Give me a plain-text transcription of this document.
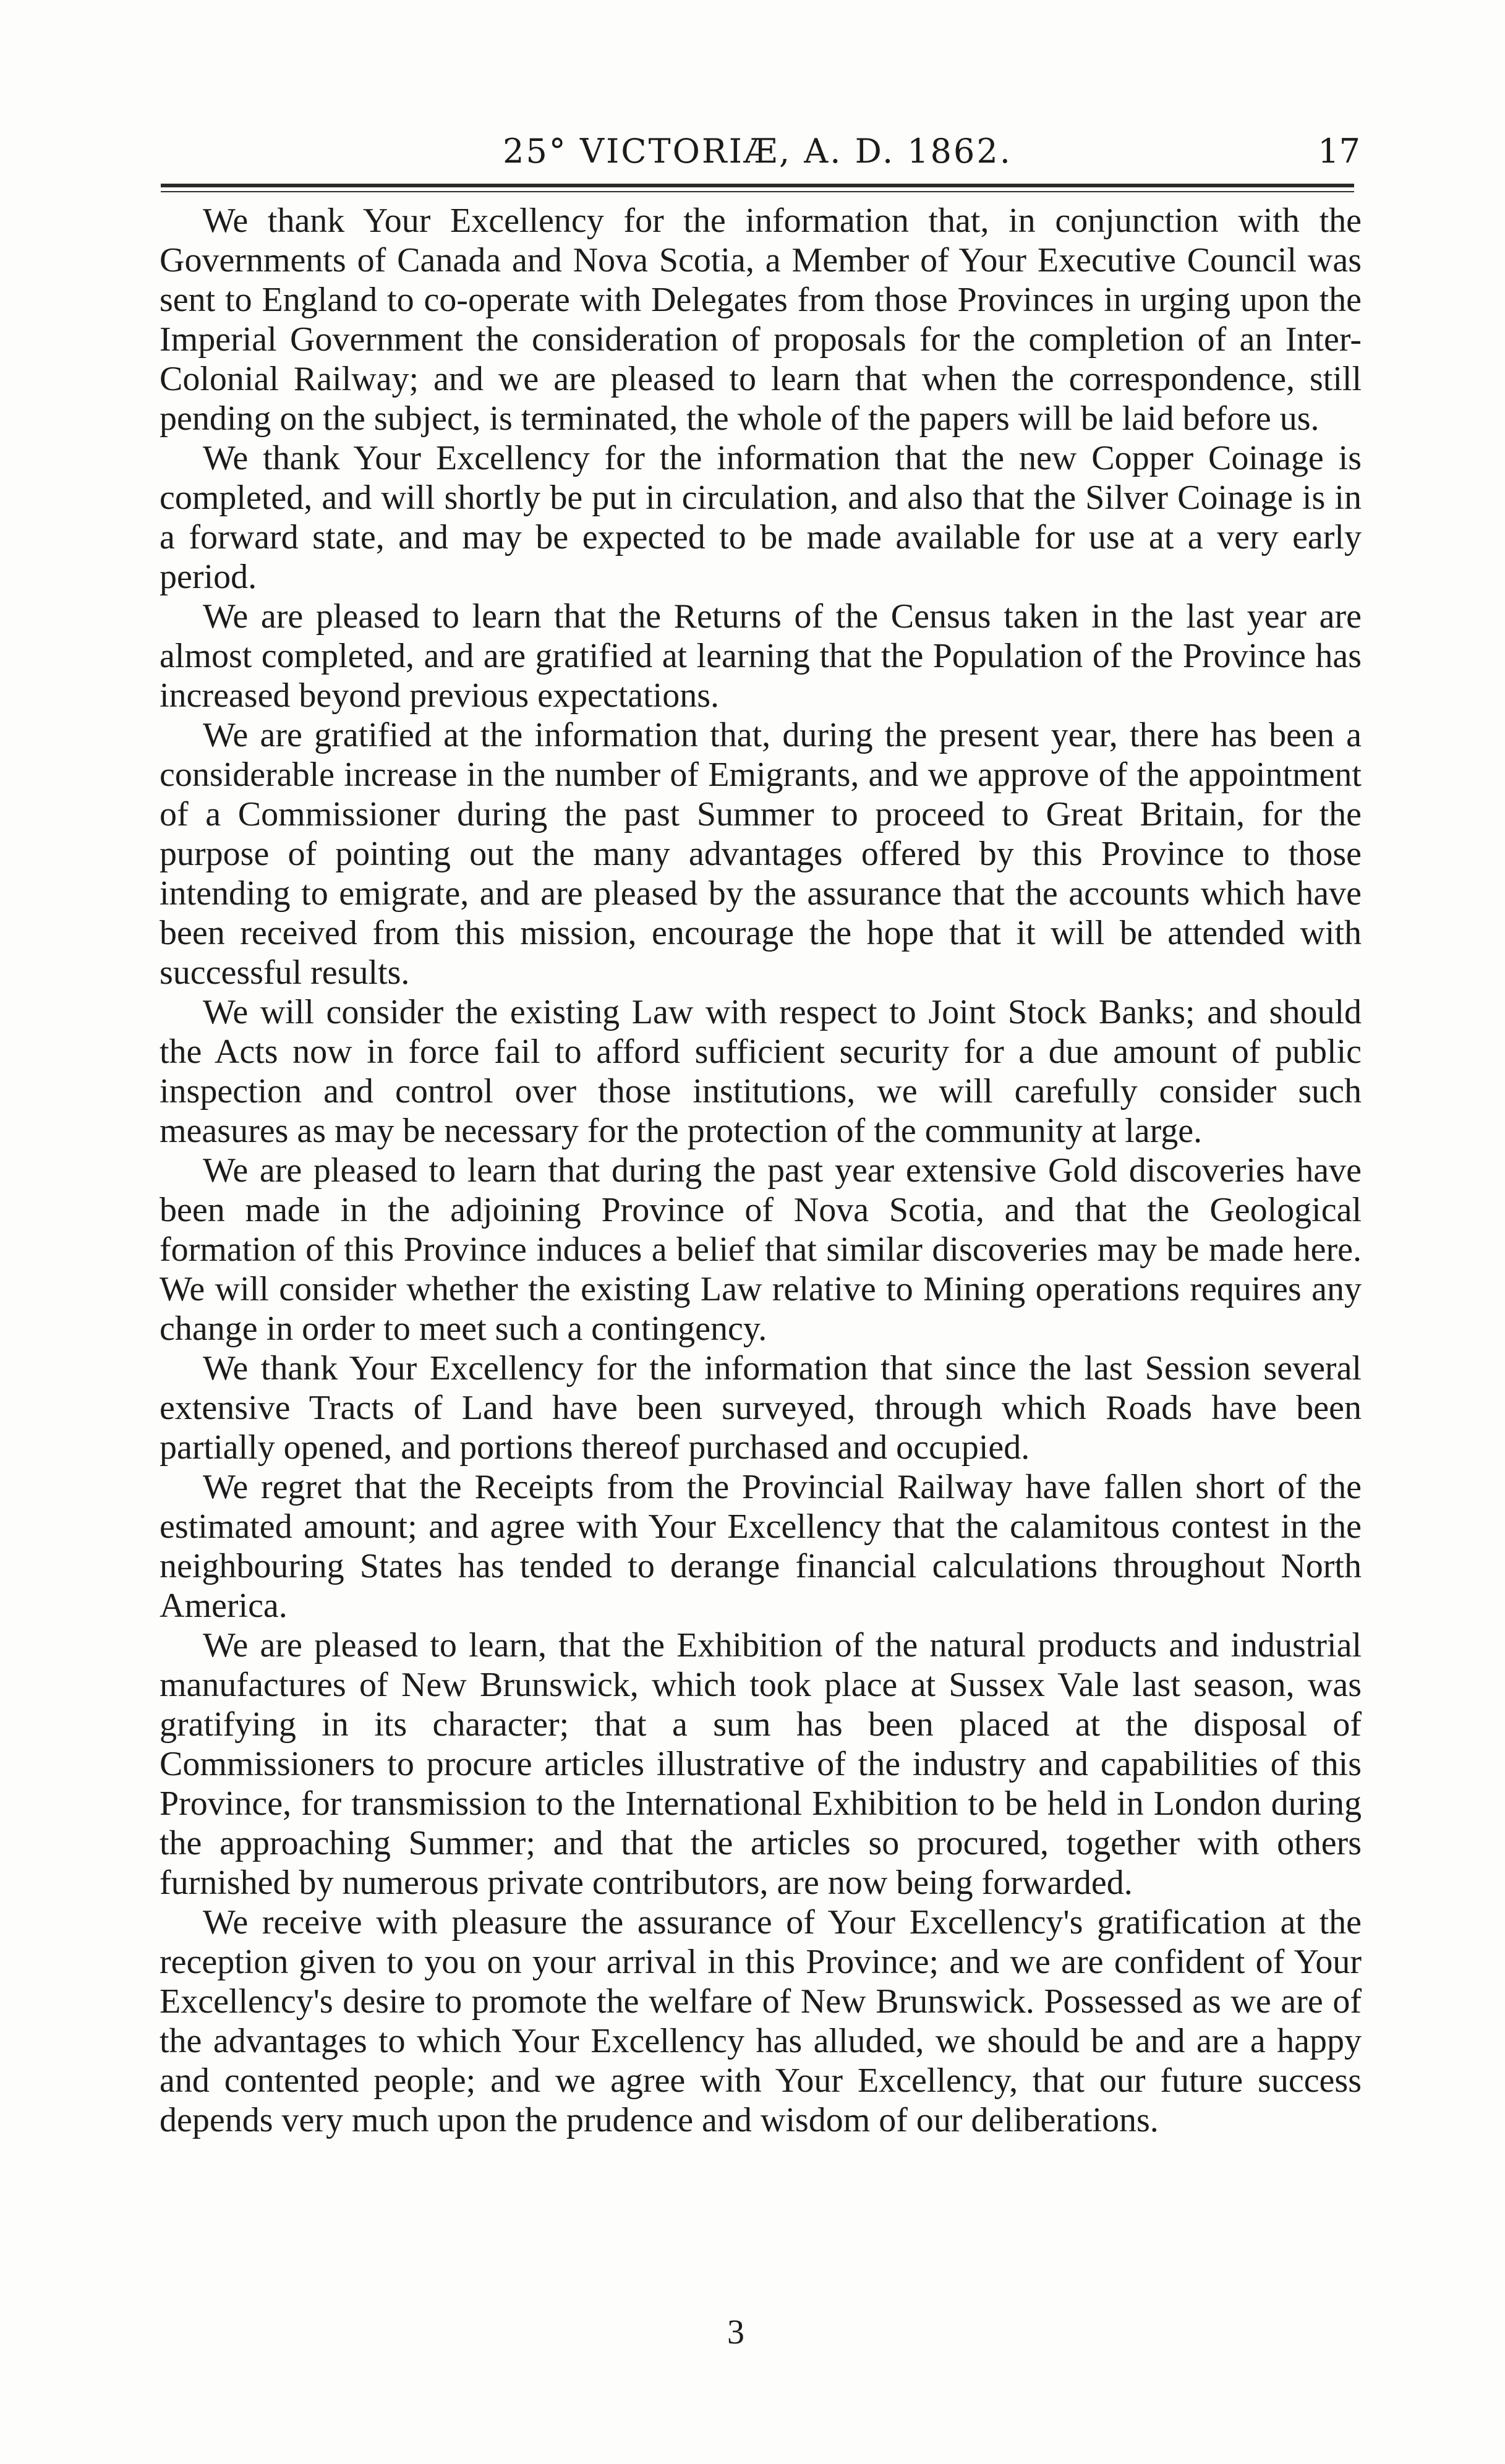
25° VICTORIÆ, A. D. 1862.	17

We thank Your Excellency for the information that, in conjunction with the Governments of Canada and Nova Scotia, a Member of Your Executive Council was sent to England to co-operate with Delegates from those Provinces in urging upon the Imperial Government the consideration of proposals for the completion of an Inter-Colonial Railway; and we are pleased to learn that when the correspondence, still pending on the subject, is terminated, the whole of the papers will be laid before us.

We thank Your Excellency for the information that the new Copper Coinage is completed, and will shortly be put in circulation, and also that the Silver Coinage is in a forward state, and may be expected to be made available for use at a very early period.

We are pleased to learn that the Returns of the Census taken in the last year are almost completed, and are gratified at learning that the Population of the Province has increased beyond previous expectations.

We are gratified at the information that, during the present year, there has been a considerable increase in the number of Emigrants, and we approve of the appointment of a Commissioner during the past Summer to proceed to Great Britain, for the purpose of pointing out the many advantages offered by this Province to those intending to emigrate, and are pleased by the assurance that the accounts which have been received from this mission, encourage the hope that it will be attended with successful results.

We will consider the existing Law with respect to Joint Stock Banks; and should the Acts now in force fail to afford sufficient security for a due amount of public inspection and control over those institutions, we will carefully consider such measures as may be necessary for the protection of the community at large.

We are pleased to learn that during the past year extensive Gold discoveries have been made in the adjoining Province of Nova Scotia, and that the Geological formation of this Province induces a belief that similar discoveries may be made here. We will consider whether the existing Law relative to Mining operations requires any change in order to meet such a contingency.

We thank Your Excellency for the information that since the last Session several extensive Tracts of Land have been surveyed, through which Roads have been partially opened, and portions thereof purchased and occupied.

We regret that the Receipts from the Provincial Railway have fallen short of the estimated amount; and agree with Your Excellency that the calamitous contest in the neighbouring States has tended to derange financial calculations throughout North America.

We are pleased to learn, that the Exhibition of the natural products and industrial manufactures of New Brunswick, which took place at Sussex Vale last season, was gratifying in its character; that a sum has been placed at the disposal of Commissioners to procure articles illustrative of the industry and capabilities of this Province, for transmission to the International Exhibition to be held in London during the approaching Summer; and that the articles so procured, together with others furnished by numerous private contributors, are now being forwarded.

We receive with pleasure the assurance of Your Excellency's gratification at the reception given to you on your arrival in this Province; and we are confident of Your Excellency's desire to promote the welfare of New Brunswick. Possessed as we are of the advantages to which Your Excellency has alluded, we should be and are a happy and contented people; and we agree with Your Excellency, that our future success depends very much upon the prudence and wisdom of our deliberations.

3
